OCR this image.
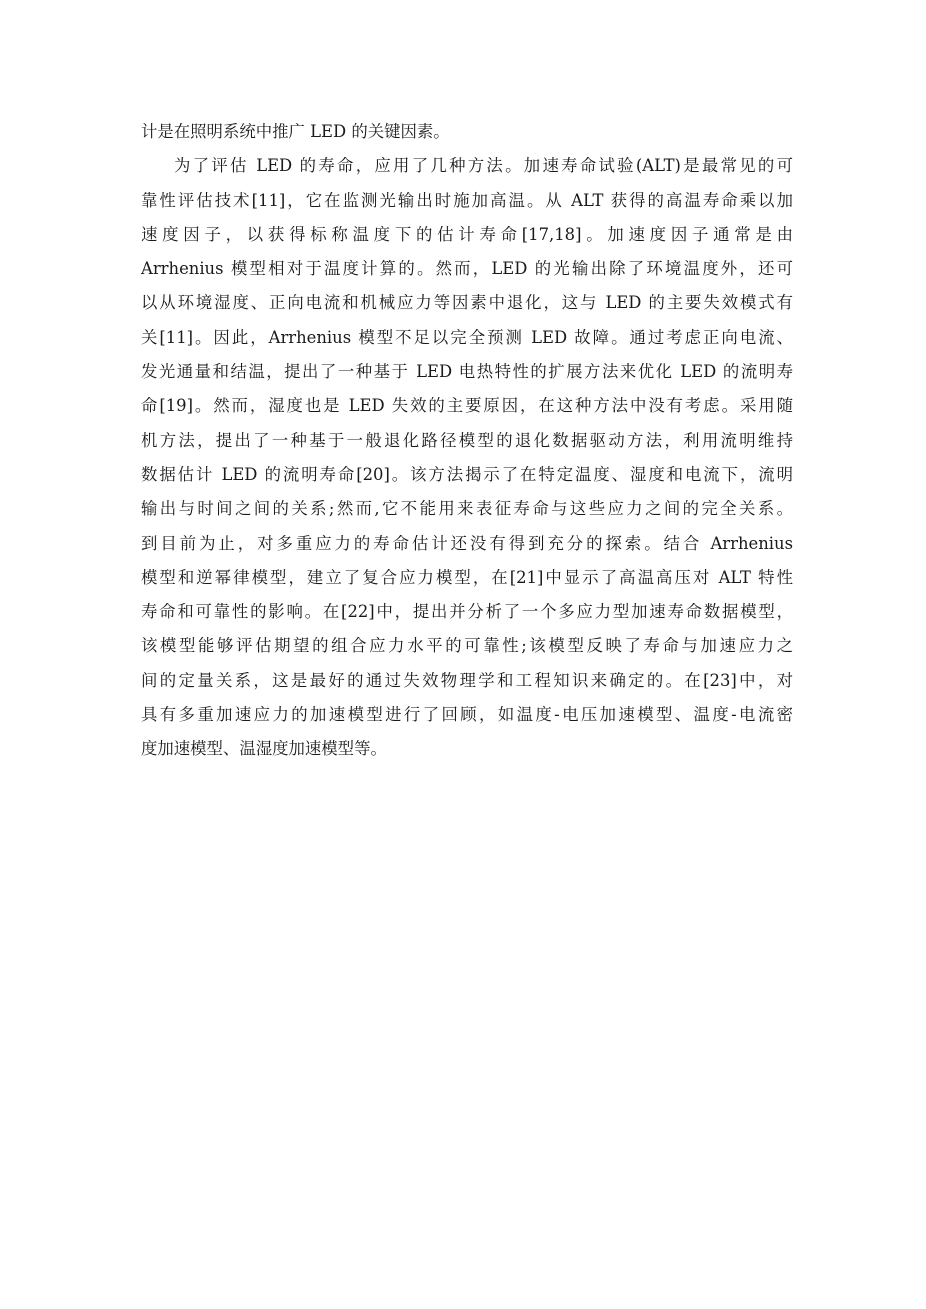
计是在照明系统中推广 LED 的关键因素。
为了评估 LED 的寿命，应用了几种方法。加速寿命试验(ALT)是最常见的可
靠性评估技术[11]，它在监测光输出时施加高温。从 ALT 获得的高温寿命乘以加
速度因子，以获得标称温度下的估计寿命[17,18]。加速度因子通常是由
Arrhenius 模型相对于温度计算的。然而，LED 的光输出除了环境温度外，还可
以从环境湿度、正向电流和机械应力等因素中退化，这与 LED 的主要失效模式有
关[11]。因此，Arrhenius 模型不足以完全预测 LED 故障。通过考虑正向电流、
发光通量和结温，提出了一种基于 LED 电热特性的扩展方法来优化 LED 的流明寿
命[19]。然而，湿度也是 LED 失效的主要原因，在这种方法中没有考虑。采用随
机方法，提出了一种基于一般退化路径模型的退化数据驱动方法，利用流明维持
数据估计 LED 的流明寿命[20]。该方法揭示了在特定温度、湿度和电流下，流明
输出与时间之间的关系;然而,它不能用来表征寿命与这些应力之间的完全关系。
到目前为止，对多重应力的寿命估计还没有得到充分的探索。结合 Arrhenius
模型和逆幂律模型，建立了复合应力模型，在[21]中显示了高温高压对 ALT 特性
寿命和可靠性的影响。在[22]中，提出并分析了一个多应力型加速寿命数据模型，
该模型能够评估期望的组合应力水平的可靠性;该模型反映了寿命与加速应力之
间的定量关系，这是最好的通过失效物理学和工程知识来确定的。在[23]中，对
具有多重加速应力的加速模型进行了回顾，如温度-电压加速模型、温度-电流密
度加速模型、温湿度加速模型等。
